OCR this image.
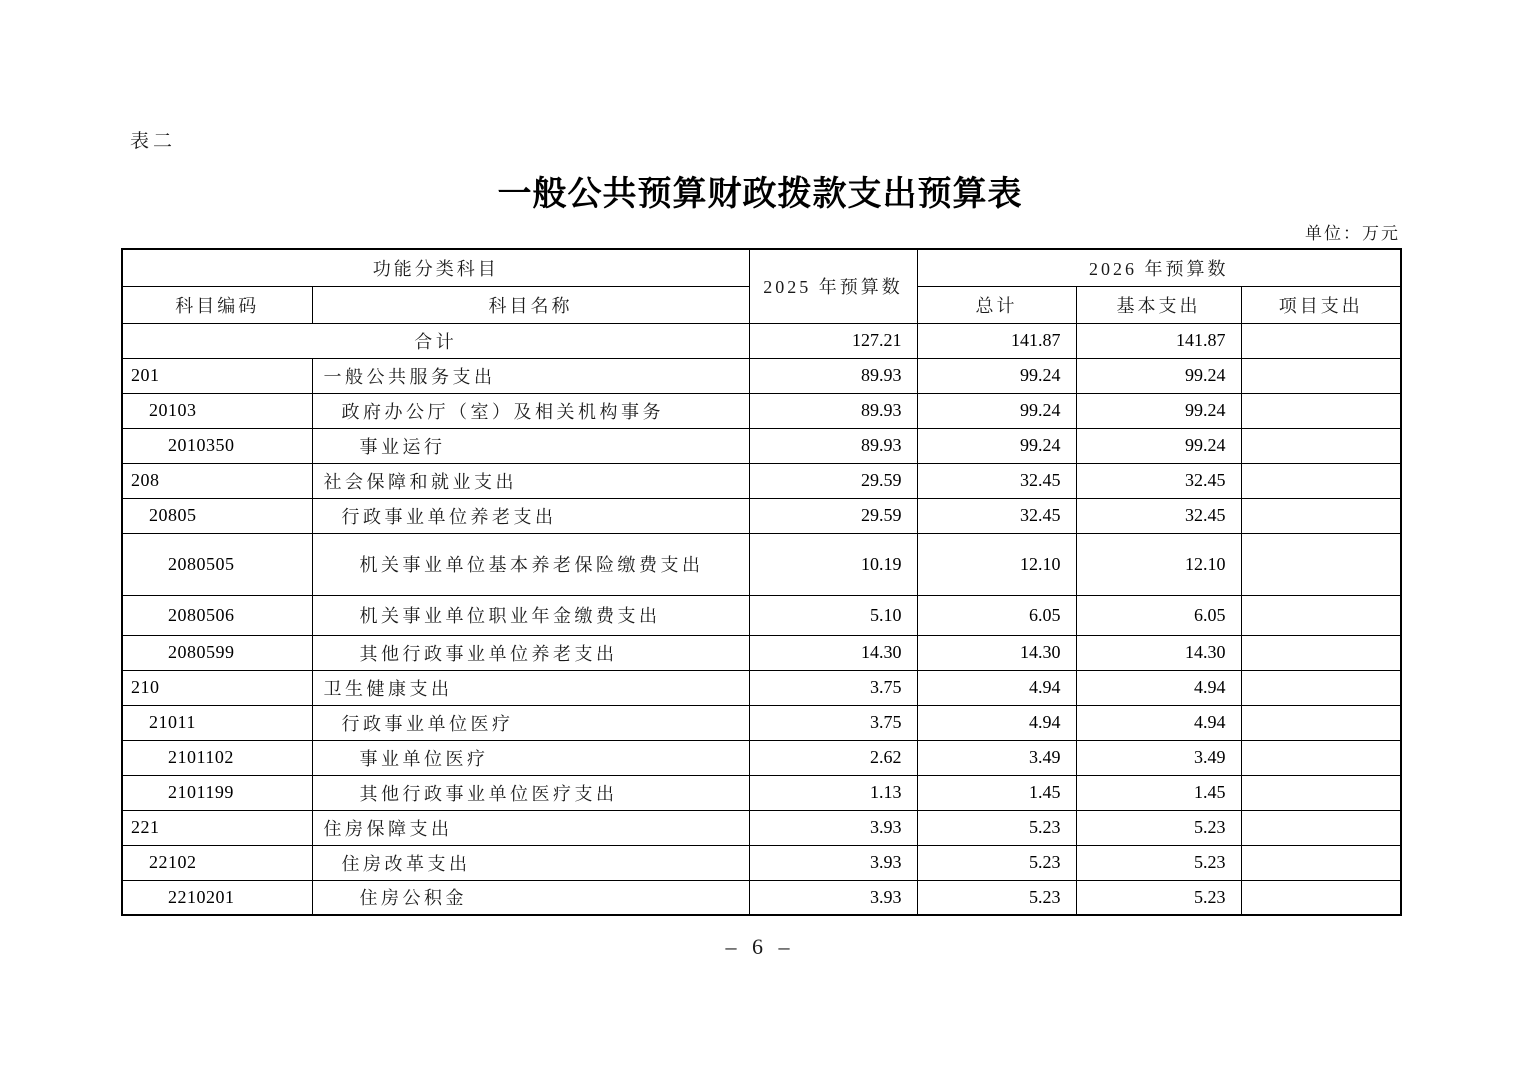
表二
一般公共预算财政拨款支出预算表
单位：万元
功能分类科目		2025 年预算数	2026 年预算数		
科目编码	科目名称		总计	基本支出	项目支出
合计		127.21	141.87	141.87	
201	一般公共服务支出	89.93	99.24	99.24	
20103	政府办公厅（室）及相关机构事务	89.93	99.24	99.24	
2010350	事业运行	89.93	99.24	99.24	
208	社会保障和就业支出	29.59	32.45	32.45	
20805	行政事业单位养老支出	29.59	32.45	32.45	
2080505	机关事业单位基本养老保险缴费支出	10.19	12.10	12.10	
2080506	机关事业单位职业年金缴费支出	5.10	6.05	6.05	
2080599	其他行政事业单位养老支出	14.30	14.30	14.30	
210	卫生健康支出	3.75	4.94	4.94	
21011	行政事业单位医疗	3.75	4.94	4.94	
2101102	事业单位医疗	2.62	3.49	3.49	
2101199	其他行政事业单位医疗支出	1.13	1.45	1.45	
221	住房保障支出	3.93	5.23	5.23	
22102	住房改革支出	3.93	5.23	5.23	
2210201	住房公积金	3.93	5.23	5.23	
– 6 –
